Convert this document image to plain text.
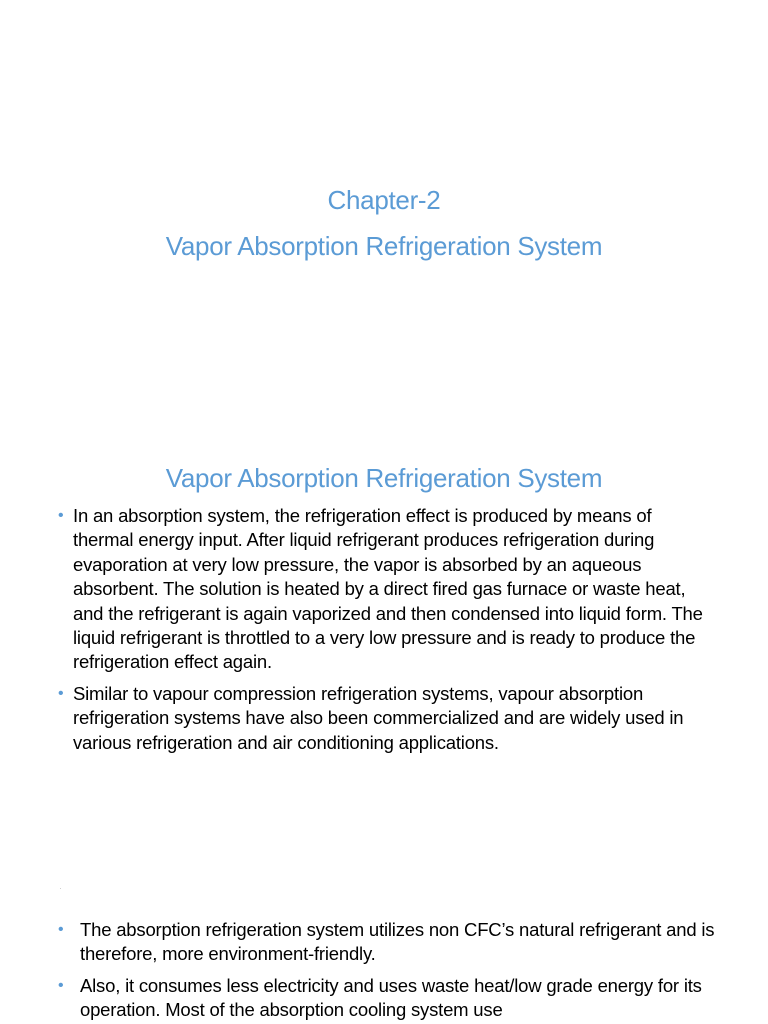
Chapter-2
Vapor Absorption Refrigeration System
Vapor Absorption Refrigeration System
• In an absorption system, the refrigeration effect is produced by means of thermal energy input. After liquid refrigerant produces refrigeration during evaporation at very low pressure, the vapor is absorbed by an aqueous absorbent. The solution is heated by a direct fired gas furnace or waste heat, and the refrigerant is again vaporized and then condensed into liquid form. The liquid refrigerant is throttled to a very low pressure and is ready to produce the refrigeration effect again.
• Similar to vapour compression refrigeration systems, vapour absorption refrigeration systems have also been commercialized and are widely used in various refrigeration and air conditioning applications.
• The absorption refrigeration system utilizes non CFC’s natural refrigerant and is therefore, more environment-friendly.
• Also, it consumes less electricity and uses waste heat/low grade energy for its operation. Most of the absorption cooling system use
